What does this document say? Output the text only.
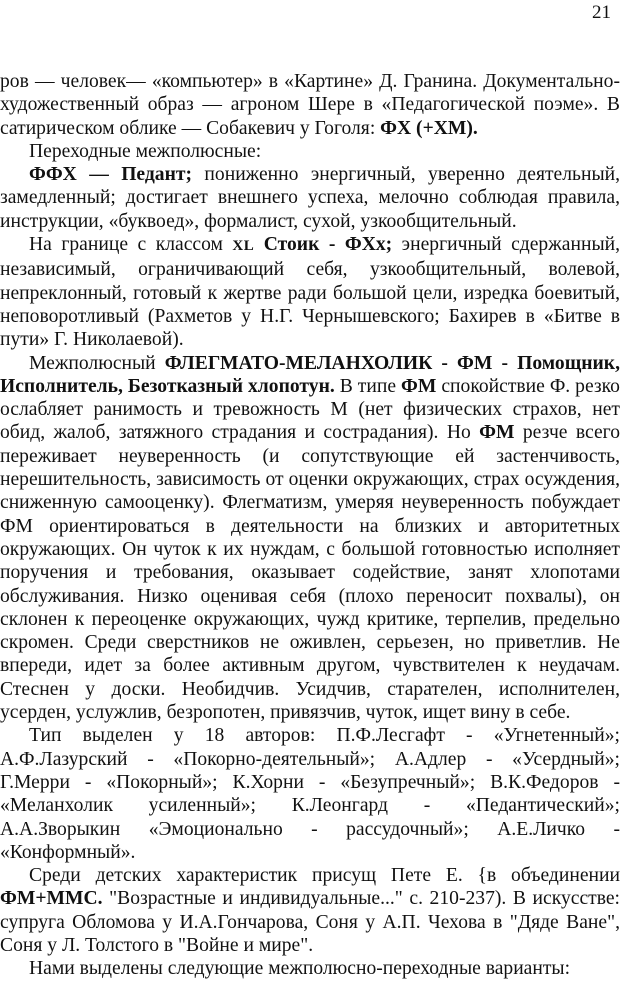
21

ров — человек— «компьютер» в «Картине» Д. Гранина. Документально-художественный образ — агроном Шере в «Педагогической поэме». В сатирическом облике — Собакевич у Гоголя: ФХ (+ХМ).

Переходные межполюсные:

ФФХ — Педант; пониженно энергичный, уверенно деятельный, замедленный; достигает внешнего успеха, мелочно соблюдая правила, инструкции, «буквоед», формалист, сухой, узкообщительный.

На границе с классом XL Стоик - ФХх; энергичный сдержанный, независимый, ограничивающий себя, узкообщительный, волевой, непреклонный, готовый к жертве ради большой цели, изредка боевитый, неповоротливый (Рахметов у Н.Г. Чернышевского; Бахирев в «Битве в пути» Г. Николаевой).

Межполюсный ФЛЕГМАТО-МЕЛАНХОЛИК - ФМ - Помощник, Исполнитель, Безотказный хлопотун. В типе ФМ спокойствие Ф. резко ослабляет ранимость и тревожность М (нет физических страхов, нет обид, жалоб, затяжного страдания и сострадания). Но ФМ резче всего переживает неуверенность (и сопутствующие ей застенчивость, нерешительность, зависимость от оценки окружающих, страх осуждения, сниженную самооценку). Флегматизм, умеряя неуверенность побуждает ФМ ориентироваться в деятельности на близких и авторитетных окружающих. Он чуток к их нуждам, с большой готовностью исполняет поручения и требования, оказывает содействие, занят хлопотами обслуживания. Низко оценивая себя (плохо переносит похвалы), он склонен к переоценке окружающих, чужд критике, терпелив, предельно скромен. Среди сверстников не оживлен, серьезен, но приветлив. Не впереди, идет за более активным другом, чувствителен к неудачам. Стеснен у доски. Необидчив. Усидчив, старателен, исполнителен, усерден, услужлив, безропотен, привязчив, чуток, ищет вину в себе.

Тип выделен у 18 авторов: П.Ф.Лесгафт - «Угнетенный»; А.Ф.Лазурский - «Покорно-деятельный»; А.Адлер - «Усердный»; Г.Мерри - «Покорный»; К.Хорни - «Безупречный»; В.К.Федоров - «Меланхолик усиленный»; К.Леонгард - «Педантический»; А.А.Зворыкин «Эмоционально - рассудочный»; А.Е.Личко - «Конформный».

Среди детских характеристик присущ Пете Е. {в объединении ФМ+ММС. "Возрастные и индивидуальные..." с. 210-237). В искусстве: супруга Обломова у И.А.Гончарова, Соня у А.П. Чехова в "Дяде Ване", Соня у Л. Толстого в "Войне и мире".

Нами выделены следующие межполюсно-переходные варианты:
